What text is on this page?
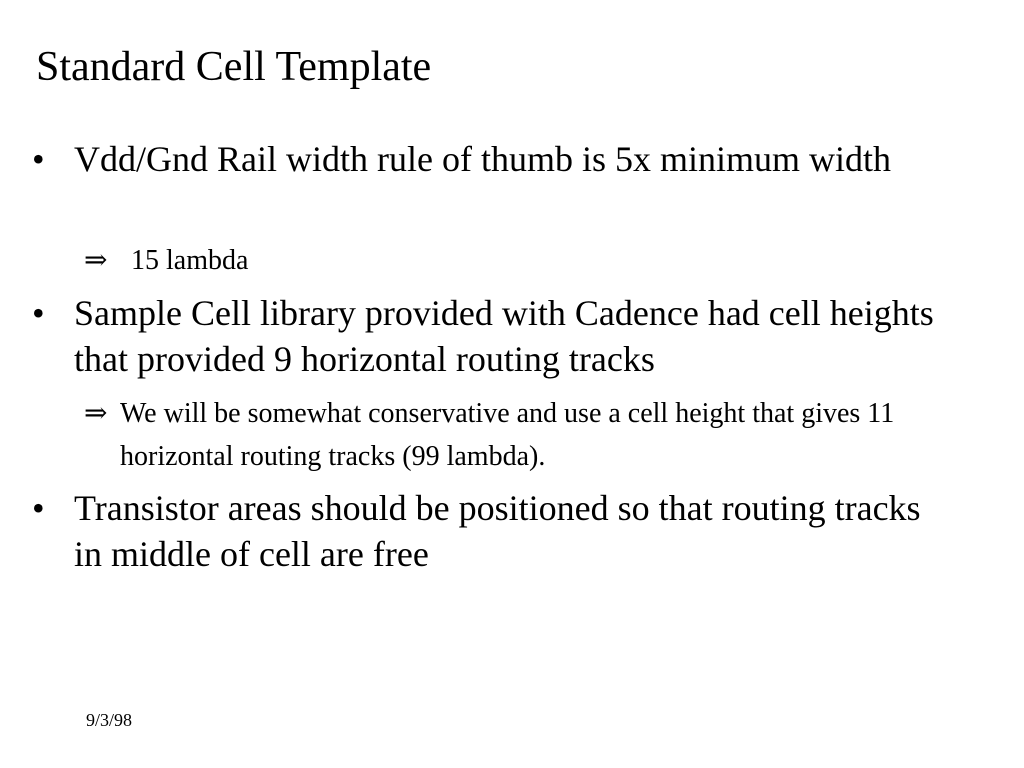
Standard Cell Template
• Vdd/Gnd Rail width rule of thumb is 5x minimum width
⇒ 15 lambda
• Sample Cell library provided with Cadence had cell heights that provided 9 horizontal routing tracks
⇒ We will be somewhat conservative and use a cell height that gives 11 horizontal routing tracks (99 lambda).
• Transistor areas should be positioned so that routing tracks in middle of cell are free
9/3/98
